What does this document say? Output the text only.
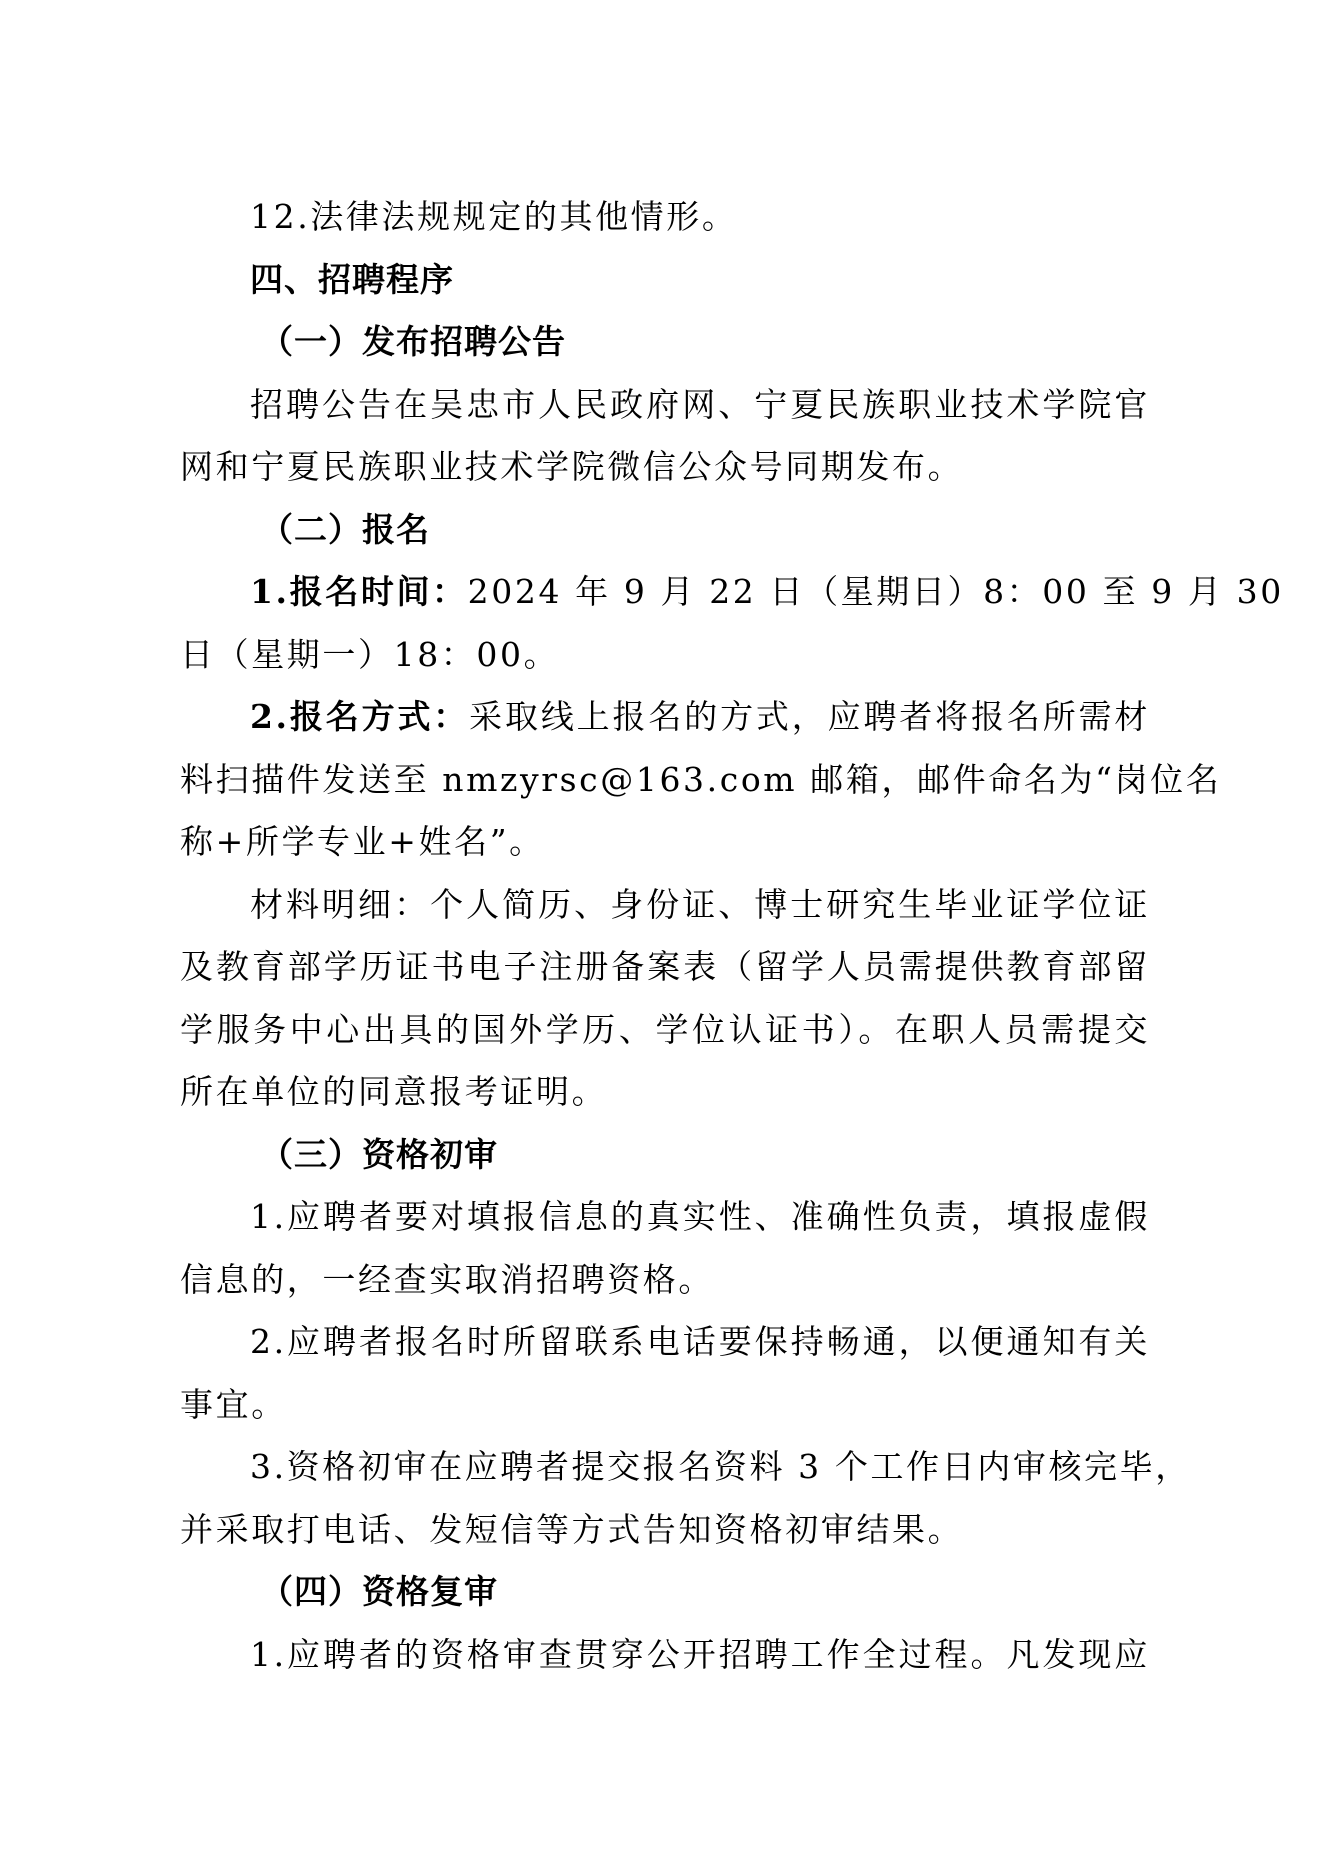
12.法律法规规定的其他情形。
四、招聘程序
（一）发布招聘公告
招聘公告在吴忠市人民政府网、宁夏民族职业技术学院官
网和宁夏民族职业技术学院微信公众号同期发布。
（二）报名
1.报名时间：2024 年 9 月 22 日（星期日）8：00 至 9 月 30
日（星期一）18：00。
2.报名方式：采取线上报名的方式，应聘者将报名所需材
料扫描件发送至 nmzyrsc@163.com 邮箱，邮件命名为“岗位名
称+所学专业+姓名”。
材料明细：个人简历、身份证、博士研究生毕业证学位证
及教育部学历证书电子注册备案表（留学人员需提供教育部留
学服务中心出具的国外学历、学位认证书）。在职人员需提交
所在单位的同意报考证明。
（三）资格初审
1.应聘者要对填报信息的真实性、准确性负责，填报虚假
信息的，一经查实取消招聘资格。
2.应聘者报名时所留联系电话要保持畅通，以便通知有关
事宜。
3.资格初审在应聘者提交报名资料 3 个工作日内审核完毕，
并采取打电话、发短信等方式告知资格初审结果。
（四）资格复审
1.应聘者的资格审查贯穿公开招聘工作全过程。凡发现应
